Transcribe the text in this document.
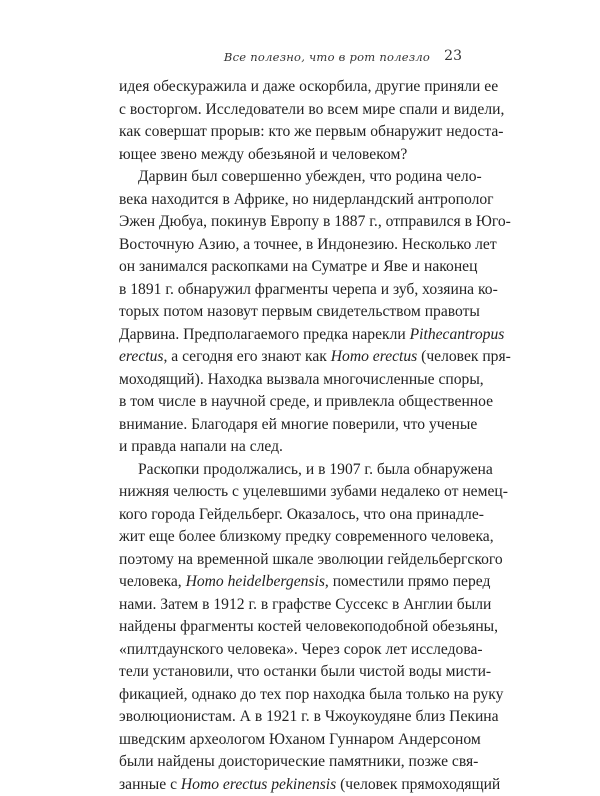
Все полезно, что в рот полезло	23
идея обескуражила и даже оскорбила, другие приняли ее
с восторгом. Исследователи во всем мире спали и видели,
как совершат прорыв: кто же первым обнаружит недоста-
ющее звено между обезьяной и человеком?
Дарвин был совершенно убежден, что родина чело-
века находится в Африке, но нидерландский антрополог
Эжен Дюбуа, покинув Европу в 1887 г., отправился в Юго-
Восточную Азию, а точнее, в Индонезию. Несколько лет
он занимался раскопками на Суматре и Яве и наконец
в 1891 г. обнаружил фрагменты черепа и зуб, хозяина ко-
торых потом назовут первым свидетельством правоты
Дарвина. Предполагаемого предка нарекли Pithecantropus
erectus, а сегодня его знают как Homo erectus (человек пря-
моходящий). Находка вызвала многочисленные споры,
в том числе в научной среде, и привлекла общественное
внимание. Благодаря ей многие поверили, что ученые
и правда напали на след.
Раскопки продолжались, и в 1907 г. была обнаружена
нижняя челюсть с уцелевшими зубами недалеко от немец-
кого города Гейдельберг. Оказалось, что она принадле-
жит еще более близкому предку современного человека,
поэтому на временной шкале эволюции гейдельбергского
человека, Homo heidelbergensis, поместили прямо перед
нами. Затем в 1912 г. в графстве Суссекс в Англии были
найдены фрагменты костей человекоподобной обезьяны,
«пилтдаунского человека». Через сорок лет исследова-
тели установили, что останки были чистой воды мисти-
фикацией, однако до тех пор находка была только на руку
эволюционистам. А в 1921 г. в Чжоукоудяне близ Пекина
шведским археологом Юханом Гуннаром Андерсоном
были найдены доисторические памятники, позже свя-
занные с Homo erectus pekinensis (человек прямоходящий
